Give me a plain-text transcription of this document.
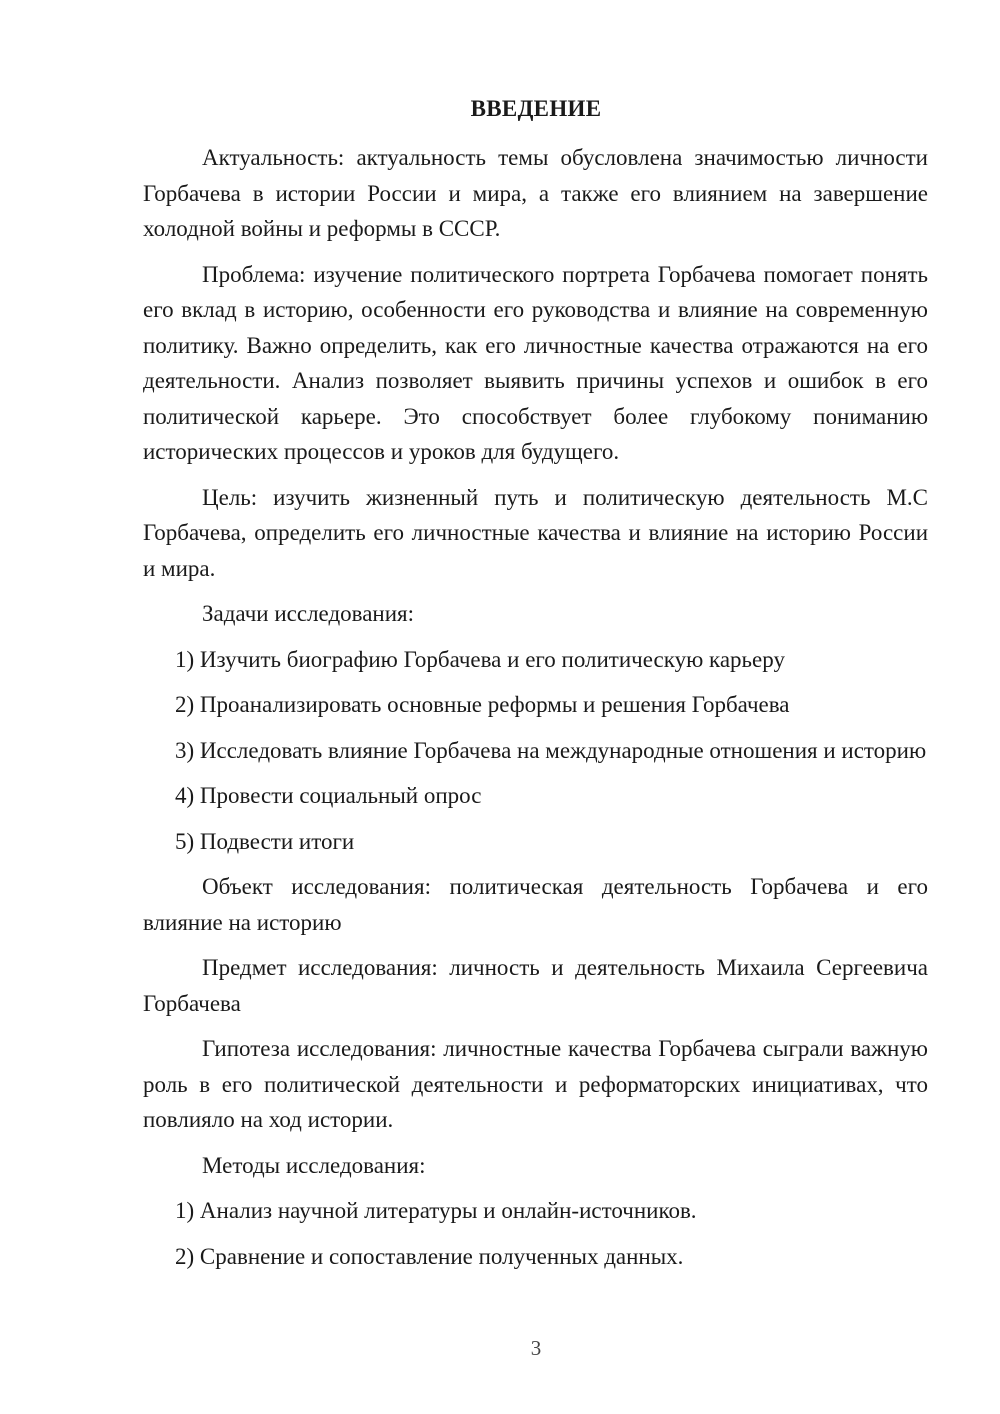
ВВЕДЕНИЕ

Актуальность: актуальность темы обусловлена значимостью личности Горбачева в истории России и мира, а также его влиянием на завершение холодной войны и реформы в СССР.

Проблема: изучение политического портрета Горбачева помогает понять его вклад в историю, особенности его руководства и влияние на современную политику. Важно определить, как его личностные качества отражаются на его деятельности. Анализ позволяет выявить причины успехов и ошибок в его политической карьере. Это способствует более глубокому пониманию исторических процессов и уроков для будущего.

Цель: изучить жизненный путь и политическую деятельность М.С Горбачева, определить его личностные качества и влияние на историю России и мира.

Задачи исследования:

1) Изучить биографию Горбачева и его политическую карьеру

2) Проанализировать основные реформы и решения Горбачева

3) Исследовать влияние Горбачева на международные отношения и историю

4) Провести социальный опрос

5) Подвести итоги

Объект исследования: политическая деятельность Горбачева и его влияние на историю

Предмет исследования: личность и деятельность Михаила Сергеевича Горбачева

Гипотеза исследования: личностные качества Горбачева сыграли важную роль в его политической деятельности и реформаторских инициативах, что повлияло на ход истории.

Методы исследования:

1) Анализ научной литературы и онлайн-источников.

2) Сравнение и сопоставление полученных данных.

3
